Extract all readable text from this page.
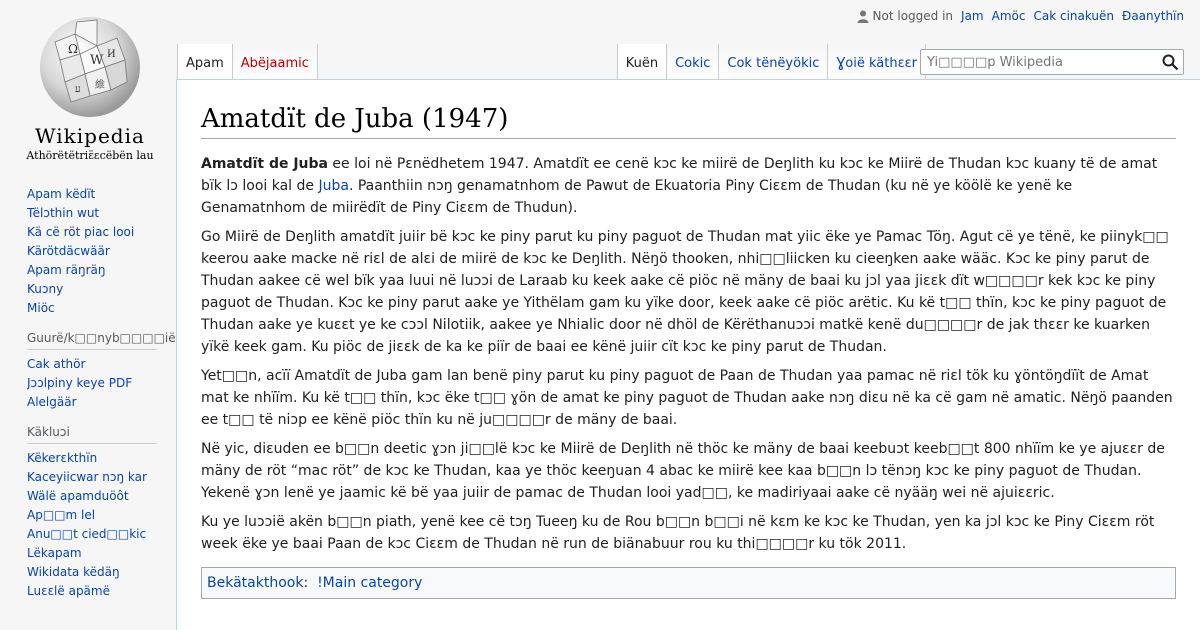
Ω
W И
維
ע
Wikipedia
Athörëtëtriɛ̈ɛcëbën lau
Not logged in Jam Amöc Cak cinakuën Ɖaanythïn
Apam	Abëjaamic	Kuën	Cokic	Cok tënëyökic	Ɣoië käthɛɛr
Yi□□□□p Wikipedia
Apam këdït
Tëlɔthin wut
Kä cë röt piac looi
Kärötdäcwäär
Apam räŋräŋ
Kuɔny
Miöc
Guurë/k□□nyb□□□□ië
Cak athör
Jɔɔlpiny keye PDF
Alelgäär
Käkluɔi
Këkerɛkthïn
Kaceyiicwar nɔŋ kar
Wälë apamduöôt
Ap□□m lel
Anu□□t cied□□kic
Lëkapam
Wikidata këdäŋ
Luɛɛlë apämë
Amatdït de Juba (1947)

Amatdït de Juba ee loi në Pɛnëdhetem 1947. Amatdït ee cenë kɔc ke miirë de Deŋlith ku kɔc ke Miirë de Thudan kɔc kuany të de amat bïk lɔ looi kal de Juba. Paanthiin nɔŋ genamatnhom de Pawut de Ekuatoria Piny Ciɛɛm de Thudan (ku në ye köölë ke yenë ke Genamatnhom de miirëdït de Piny Ciɛɛm de Thudun).

Go Miirë de Deŋlith amatdït juiir bë kɔc ke piny parut ku piny paguot de Thudan mat yiic ëke ye Pamac Töŋ. Agut cë ye tënë, ke piinyk□□ keerou aake macke në riɛl de alɛi de miirë de kɔc ke Deŋlith. Nëŋö thooken, nhi□□liicken ku cieeŋken aake wääc. Kɔc ke piny parut de Thudan aakee cë wel bïk yaa luui në luɔɔi de Laraab ku keek aake cë piöc në mäny de baai ku jɔl yaa jiɛɛk dït w□□□□r kek kɔc ke piny paguot de Thudan. Kɔc ke piny parut aake ye Yithëlam gam ku yïke door, keek aake cë piöc arëtic. Ku kë t□□ thïn, kɔc ke piny paguot de Thudan aake ye kuɛɛt ye ke cɔɔl Nilotiik, aakee ye Nhialic door në dhöl de Kërëthanuɔɔi matkë kenë du□□□□r de jak thɛɛr ke kuarken yïkë keek gam. Ku piöc de jiɛɛk de ka ke piïr de baai ee kënë juiir cït kɔc ke piny parut de Thudan.

Yet□□n, acïï Amatdït de Juba gam lan benë piny parut ku piny paguot de Paan de Thudan yaa pamac në riɛl tök ku ɣöntöŋdïït de Amat mat ke nhïïm. Ku kë t□□ thïn, kɔc ëke t□□ ɣön de amat ke piny paguot de Thudan aake nɔŋ diɛu në ka cë gam në amatic. Nëŋö paanden ee t□□ të niɔp ee kënë piöc thïn ku në ju□□□□r de mäny de baai.

Në yic, diɛuden ee b□□n deetic ɣɔn ji□□lë kɔc ke Miirë de Deŋlith në thöc ke mäny de baai keebuɔt keeb□□t 800 nhïïm ke ye ajuɛɛr de mäny de röt “mac röt” de kɔc ke Thudan, kaa ye thöc keeŋuan 4 abac ke miirë kee kaa b□□n lɔ tënɔŋ kɔc ke piny paguot de Thudan. Yekenë ɣɔn lenë ye jaamic kë bë yaa juiir de pamac de Thudan looi yad□□, ke madiriyaai aake cë nyääŋ wei në ajuiɛɛric.

Ku ye luɔɔië akën b□□n piath, yenë kee cë tɔŋ Tueeŋ ku de Rou b□□n b□□i në kɛm ke kɔc ke Thudan, yen ka jɔl kɔc ke Piny Ciɛɛm röt week ëke ye baai Paan de kɔc Ciɛɛm de Thudan në run de biänabuur rou ku thi□□□□r ku tök 2011.

Bekätakthook:  !Main category
